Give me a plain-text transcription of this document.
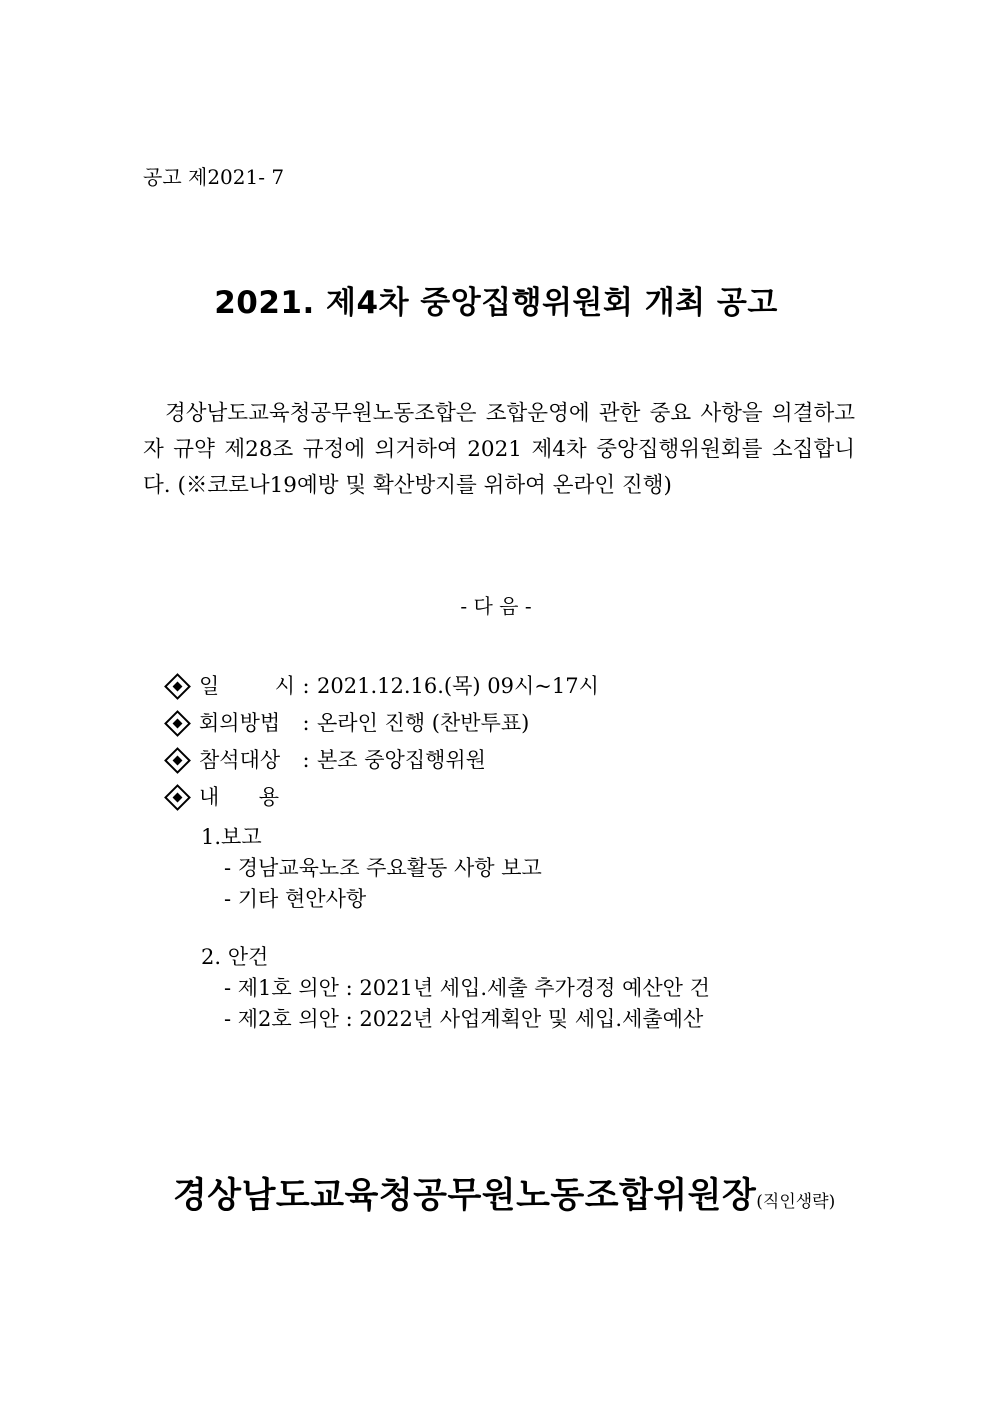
공고 제2021- 7
2021. 제4차 중앙집행위원회 개최 공고

경상남도교육청공무원노동조합은 조합운영에 관한 중요 사항을 의결하고자 규약 제28조 규정에 의거하여 2021 제4차 중앙집행위원회를 소집합니다. (※코로나19예방 및 확산방지를 위하여 온라인 진행)

- 다 음 -
일 시 : 2021.12.16.(목) 09시~17시
회의방법	: 온라인 진행 (찬반투표)
참석대상	: 본조 중앙집행위원
내 용
1.보고
- 경남교육노조 주요활동 사항 보고
- 기타 현안사항
2. 안건
- 제1호 의안 : 2021년 세입.세출 추가경정 예산안 건
- 제2호 의안 : 2022년 사업계획안 및 세입.세출예산
경상남도교육청공무원노동조합위원장(직인생략)
